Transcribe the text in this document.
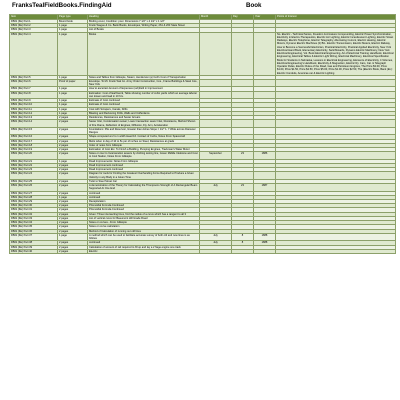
FranksTealFieldBooks.FindingAid	Book
Item	Page type	Heading	Month	Day	Year	Points of Interest
FB#1 (file) Part 1	Bound book	Binding cover, Condition: poor. Dimensions 7 1/2" x 4 1/2" x 1 1/2"				
FB#1 (file) Part 2	1 page	Frank Teague & Co. Bank Books, Envelopes, Writing Paper, 261 & 263 State Street				
FB#1 (file) Part 3	1 page	List of Books				
FB#1 (file) Part 4	1 page	Books				No. Electric - Technical Series, Freedom & Armature Compounding, Electric Power Synchronization, Electricity in Electro-Therapeutics, Electric Arc Lighting, Electric Incandescent Lighting, Electric Street Railways, Electric Telephone, Electric Telegraphy, Alternating Current, Electric Heating, Electric Motors, Dynamo Electric Machines (2) B/L. Electric Transmission, Electric Meters, Electric Railway, How to Become a Successful Electrician, Practical Electricity, Practical Applied Electricity, New York Electrical Hand Book, Elementary Electricity, Switchboards, Dynamo Electric Machinery, New York Electrical Engineering, Vol. Book Electrical Engineering, Art of Electrical Training Handbook, Electrical Engineering, Electrical Tables & Electric Light Wiring, Electrical Machinery, Electrical Specification Book for Students in Nebraska, Lessons in Electrical Engineering, Elements of Electricity, 4 Volumes, Electrical Engineering's Handbook, Electricity & Magnetism, Electric Ry. Cars, Cat. & Telegraph Operator Rules, Electric Rules of the Road, Gas and Petroleum Engines, The Price $3.00, Price $1.00, Price $1.50, Price $2.50, Price $5.00, Price $1.00, Price $2.50, The (Electric Book, Bank (Ex): Electric Conduits, Americas car & Electric Lighting
FB#1 (file) Part 5	1 page	Notes and Tables from Gillespie, Stearn, Henderson (a) Cell's Cost of Transportation				
FB#1 (file) Part 6	Proof of paper	Envelope. To Mr. Frank Teal Co. Army Order Construction, Cos., Frame Buildings & Steel Cos., New York				
FB#1 (file) Part 7	1 page	How to ascertain Amount of Expenses (sub)field in Improvement				
FB#1 (file) Part 8	1 page	Estimation: Cost of Earthwork, Table showing number of cubic yards which an average laborer can loosen and load in 10 hrs.				
FB#1 (file) Part 9	1 page	Estimate of Cost continued				
FB#1 (file) Part 10	1 page	Estimate of Cost continued				
FB#1 (file) Part 11	1 page	Cost with Scrapers, Canals, Drills				
FB#1 (file) Part 12	1 page	Blasting and Reckoning Drills, Walls and Cofferdams				
FB#1 (file) Part 13	2 pages	Residences, Resistances and Sewer Arrears				
FB#1 (file) Part 14	2 pages	Sewer Inlet, Condensation sewer; Lower transaction sewer Inlet, Resistance, Method Shown of Fire Flame, Deflection of Engines, Diffusion, Fly, Arm, Acceleration				
FB#1 (file) Part 15	2 pages	Foundations: Pile and Reservoir, Greater than Ashes Slope = 1/2" 1. 7 Wide across Diameter Ranges				
FB#1 (file) Part 16	2 pages	Shape computed at 2 to 1 width Head 1ft. Contact of Curbs, Notes From Spacecraft				
FB#1 (file) Part 17	2 pages	Melts when in day of 10 to 5s per of inches on Steel, Resistances at grade				
FB#1 (file) Part 18	2 pages	Index of notes from Gillespie				
FB#1 (file) Part 19	2 pages	Estimation of Cost Etc. To Finish a Building, Pumping Engines, Trackman's Water Motor				
FB#1 (file) Part 20	2 pages	Notes on tour to Incarceration sewers by clothing testing line, Green Middle Clekstow and Cost to Cool Station, Notes From Gillespie	September	23	1886	
FB#1 (file) Part 21	1 page	Road Improvements: Notes From Gillespie				
FB#1 (file) Part 22	2 pages	Road Improvement continued				
FB#1 (file) Part 23	2 pages	Road Improvement continued				
FB#1 (file) Part 24	2 pages	Diagram for tools for Finding the Greatest Overhanding Force Required to Produce a Given Velocity in any Body in a Given Time				
FB#1 (file) Part 25	2 pages	Twist to Steel Street Car				
FB#1 (file) Part 26	2 pages	A demonstration of the Theory for Calculating the Thompsons Strength of A Rectangular Beam Supported At One End	July	23	1887	
FB#1 (file) Part 27	2 pages	continued				
FB#1 (file) Part 28	1 page	continued				
FB#1 (file) Part 29	2 pages	Recapitulation				
FB#1 (file) Part 30	2 pages	Prismoidal Formula Continued				
FB#1 (file) Part 31	2 pages	Prismoidal Formula Continued				
FB#1 (file) Part 32	2 pages	Given: Three intersecting lines, find the radius of a curve which has a tangent to all 3				
FB#1 (file) Part 33	2 pages	List of vertical curve for Beaumont Hill Grade Road				
FB#1 (file) Part 34	2 pages	Notes on curves - From Gillespie				
FB#1 (file) Part 35	2 pages	Notes on curve calculation				
FB#1 (file) Part 36	2 pages	Method of Calculation of running out old lines				
FB#1 (file) Part 37	1 page	A method which can be used to facilitate accurate survey of both old and new lines is as follows	July	8	1888	
FB#1 (file) Part 38	2 pages	continued	July	8	1888	
FB#1 (file) Part 39	2 pages	Calculation of amount of rail required to fill up and lay a 2 ftage engine one track				
FB#1 (file) Part 40	2 pages	Electric				
